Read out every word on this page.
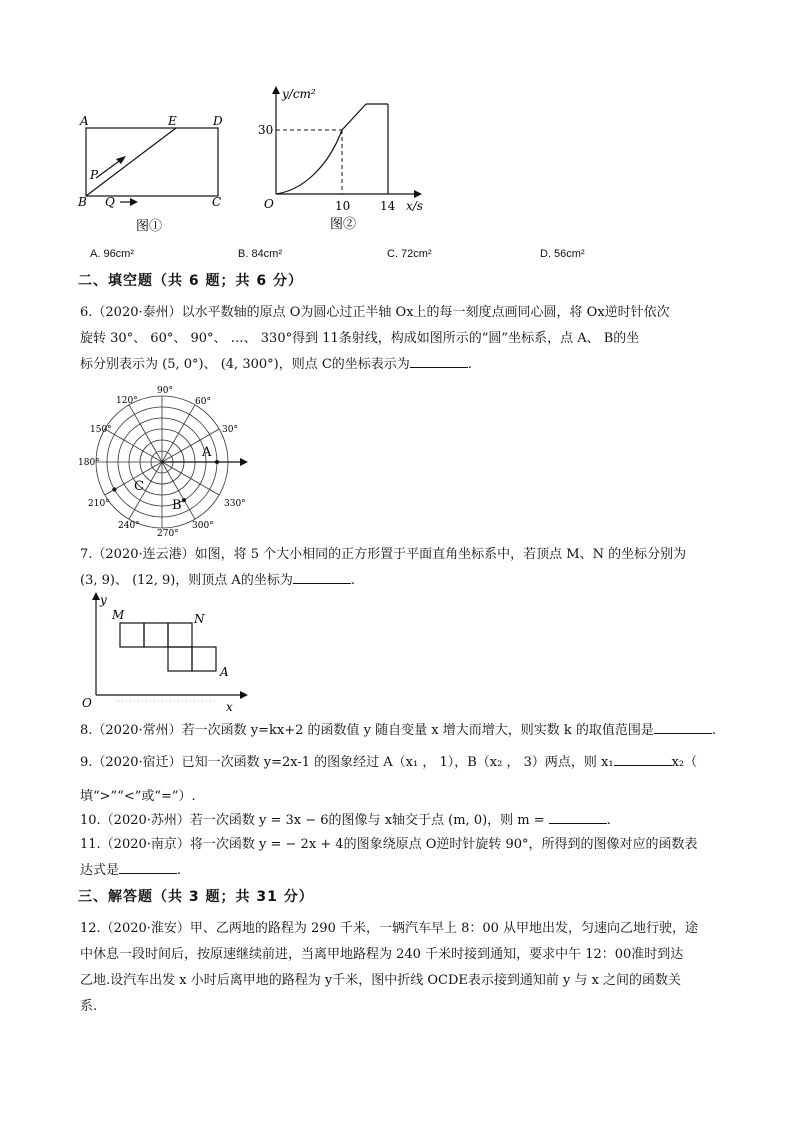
A	E	D
P
B Q	C
图①
y/cm²
x/s
O
30
10 14
图②
A. 96cm²	B. 84cm²	C. 72cm²	D. 56cm²
二、填空题（共 6 题；共 6 分）
6.（2020·泰州）以水平数轴的原点 O为圆心过正半轴 Ox上的每一刻度点画同心圆，将 Ox逆时针依次
旋转 30°、 60°、 90°、 …、 330°得到 11条射线，构成如图所示的“圆”坐标系，点 A、 B的坐
标分别表示为 (5, 0°)、 (4, 300°)，则点 C的坐标表示为	.
90°
60°
30°
180°
150°
120°
210°
240°
270°
300°
330°
A
B
C
7.（2020·连云港）如图，将 5 个大小相同的正方形置于平面直角坐标系中，若顶点 M、N 的坐标分别为
(3, 9)、 (12, 9)，则顶点 A的坐标为	.
y
x
O
M	N
A
8.（2020·常州）若一次函数 y=kx+2 的函数值 y 随自变量 x 增大而增大，则实数 k 的取值范围是	.
9.（2020·宿迁）已知一次函数 y=2x-1 的图象经过 A（x₁ ， 1），B（x₂ ， 3）两点，则 x₁	x₂（
填“>”“<”或“=”）.
10.（2020·苏州）若一次函数 y = 3x − 6的图像与 x轴交于点 (m, 0)，则 m =	.
11.（2020·南京）将一次函数 y = − 2x + 4的图象绕原点 O逆时针旋转 90°，所得到的图像对应的函数表
达式是	.
三、解答题（共 3 题；共 31 分）
12.（2020·淮安）甲、乙两地的路程为 290 千米，一辆汽车早上 8：00 从甲地出发，匀速向乙地行驶，途
中休息一段时间后，按原速继续前进，当离甲地路程为 240 千米时接到通知，要求中午 12：00准时到达
乙地.设汽车出发 x 小时后离甲地的路程为 y千米，图中折线 OCDE表示接到通知前 y 与 x 之间的函数关
系.
